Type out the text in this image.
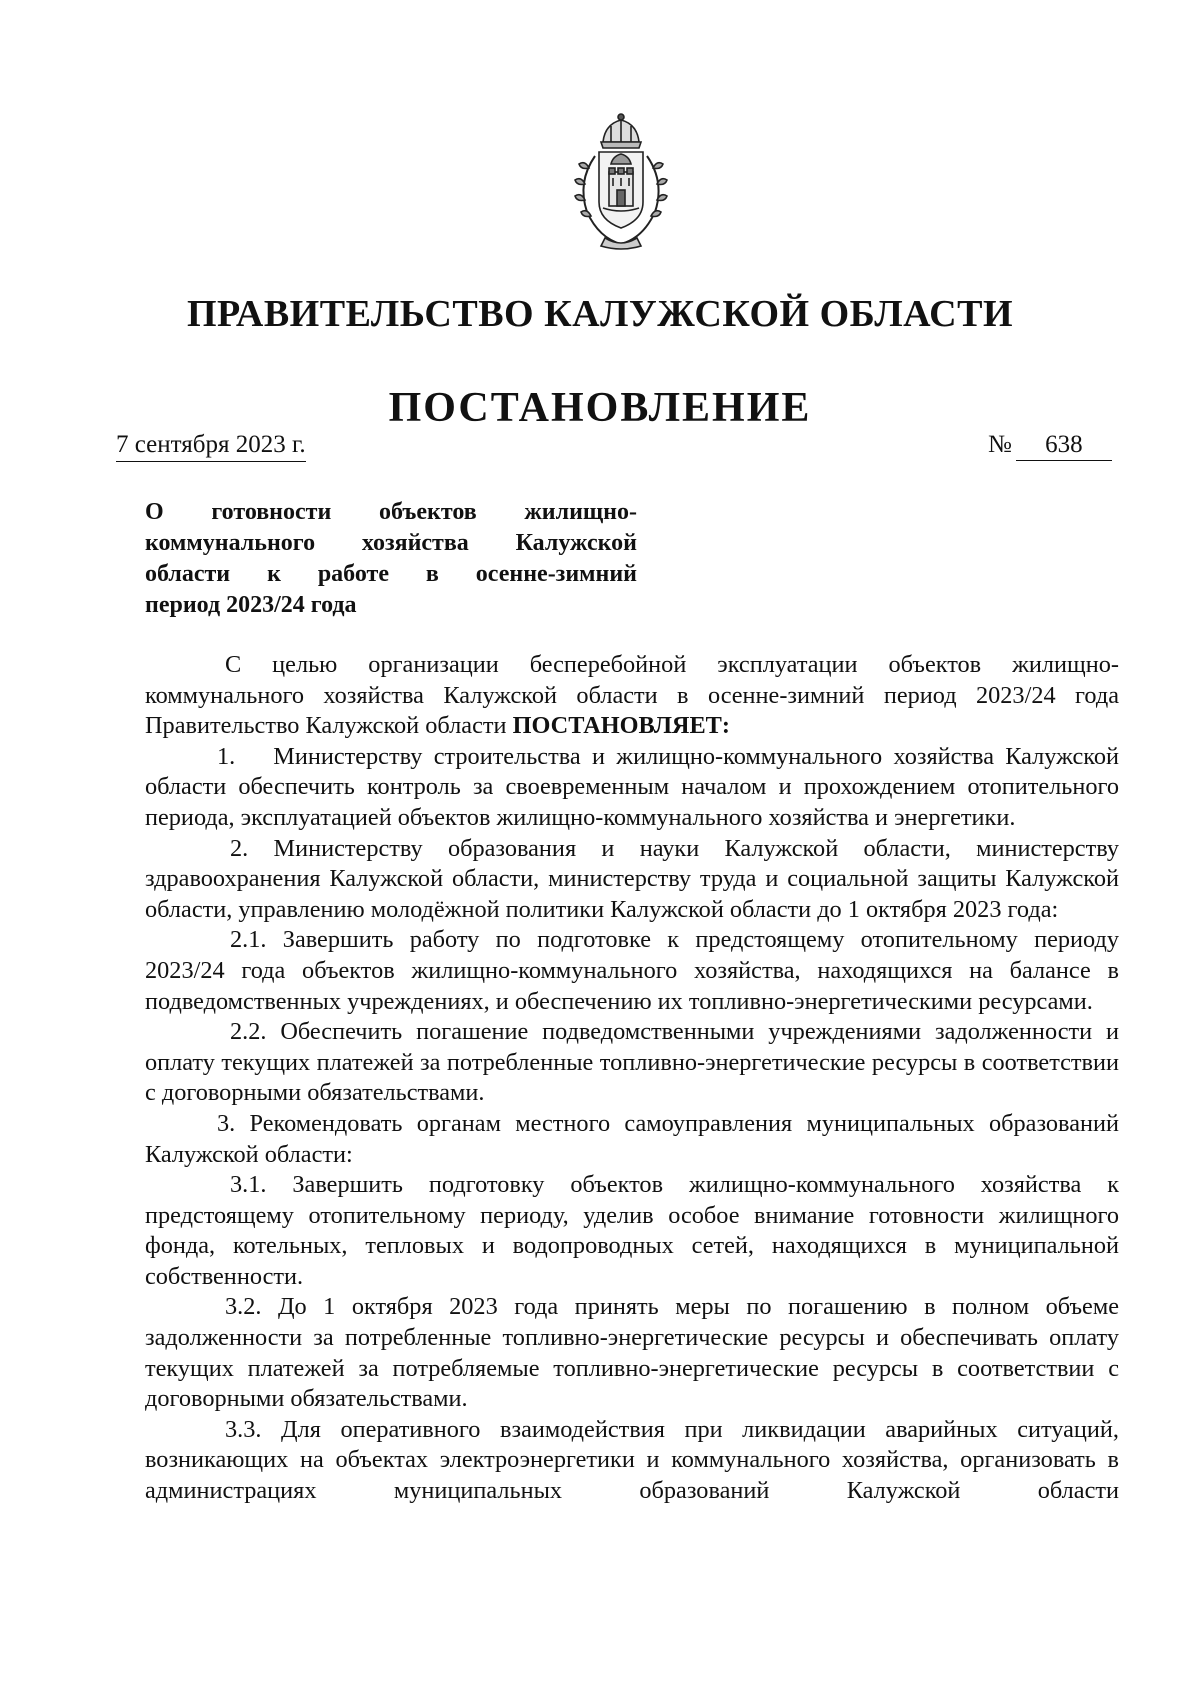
ПРАВИТЕЛЬСТВО КАЛУЖСКОЙ ОБЛАСТИ
ПОСТАНОВЛЕНИЕ
7 сентября 2023 г.	№ 638
О готовности объектов жилищно-
коммунального хозяйства Калужской
области к работе в осенне-зимний
период 2023/24 года

С целью организации бесперебойной эксплуатации объектов жилищно-коммунального хозяйства Калужской области в осенне-зимний период 2023/24 года Правительство Калужской области ПОСТАНОВЛЯЕТ:

1. Министерству строительства и жилищно-коммунального хозяйства Калужской области обеспечить контроль за своевременным началом и прохождением отопительного периода, эксплуатацией объектов жилищно-коммунального хозяйства и энергетики.

2. Министерству образования и науки Калужской области, министерству здравоохранения Калужской области, министерству труда и социальной защиты Калужской области, управлению молодёжной политики Калужской области до 1 октября 2023 года:

2.1. Завершить работу по подготовке к предстоящему отопительному периоду 2023/24 года объектов жилищно-коммунального хозяйства, находящихся на балансе в подведомственных учреждениях, и обеспечению их топливно-энергетическими ресурсами.

2.2. Обеспечить погашение подведомственными учреждениями задолженности и оплату текущих платежей за потребленные топливно-энергетические ресурсы в соответствии с договорными обязательствами.

3. Рекомендовать органам местного самоуправления муниципальных образований Калужской области:

3.1. Завершить подготовку объектов жилищно-коммунального хозяйства к предстоящему отопительному периоду, уделив особое внимание готовности жилищного фонда, котельных, тепловых и водопроводных сетей, находящихся в муниципальной собственности.

3.2. До 1 октября 2023 года принять меры по погашению в полном объеме задолженности за потребленные топливно-энергетические ресурсы и обеспечивать оплату текущих платежей за потребляемые топливно-энергетические ресурсы в соответствии с договорными обязательствами.

3.3. Для оперативного взаимодействия при ликвидации аварийных ситуаций, возникающих на объектах электроэнергетики и коммунального хозяйства, организовать в администрациях муниципальных образований Калужской области
